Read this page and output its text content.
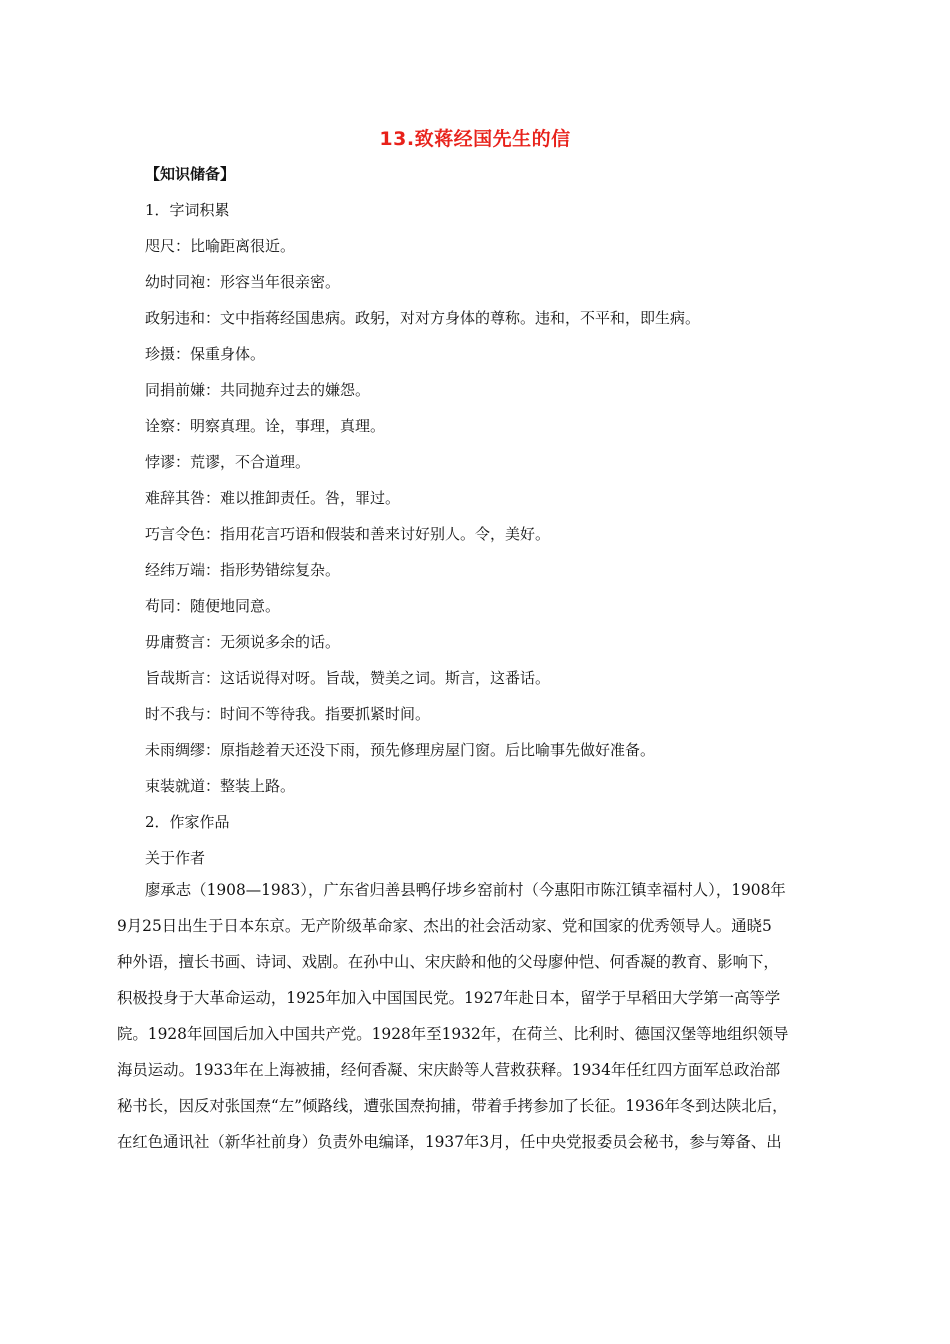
13.致蒋经国先生的信
【知识储备】
1．字词积累
咫尺：比喻距离很近。
幼时同袍：形容当年很亲密。
政躬违和：文中指蒋经国患病。政躬，对对方身体的尊称。违和，不平和，即生病。
珍摄：保重身体。
同捐前嫌：共同抛弃过去的嫌怨。
诠察：明察真理。诠，事理，真理。
悖谬：荒谬，不合道理。
难辞其咎：难以推卸责任。咎，罪过。
巧言令色：指用花言巧语和假装和善来讨好别人。令，美好。
经纬万端：指形势错综复杂。
苟同：随便地同意。
毋庸赘言：无须说多余的话。
旨哉斯言：这话说得对呀。旨哉，赞美之词。斯言，这番话。
时不我与：时间不等待我。指要抓紧时间。
未雨绸缪：原指趁着天还没下雨，预先修理房屋门窗。后比喻事先做好准备。
束装就道：整装上路。
2．作家作品
关于作者
廖承志（1908—1983），广东省归善县鸭仔埗乡窑前村（今惠阳市陈江镇幸福村人），1908年
9月25日出生于日本东京。无产阶级革命家、杰出的社会活动家、党和国家的优秀领导人。通晓5
种外语，擅长书画、诗词、戏剧。在孙中山、宋庆龄和他的父母廖仲恺、何香凝的教育、影响下，
积极投身于大革命运动，1925年加入中国国民党。1927年赴日本，留学于早稻田大学第一高等学
院。1928年回国后加入中国共产党。1928年至1932年，在荷兰、比利时、德国汉堡等地组织领导
海员运动。1933年在上海被捕，经何香凝、宋庆龄等人营救获释。1934年任红四方面军总政治部
秘书长，因反对张国焘“左”倾路线，遭张国焘拘捕，带着手拷参加了长征。1936年冬到达陕北后，
在红色通讯社（新华社前身）负责外电编译，1937年3月，任中央党报委员会秘书，参与筹备、出
